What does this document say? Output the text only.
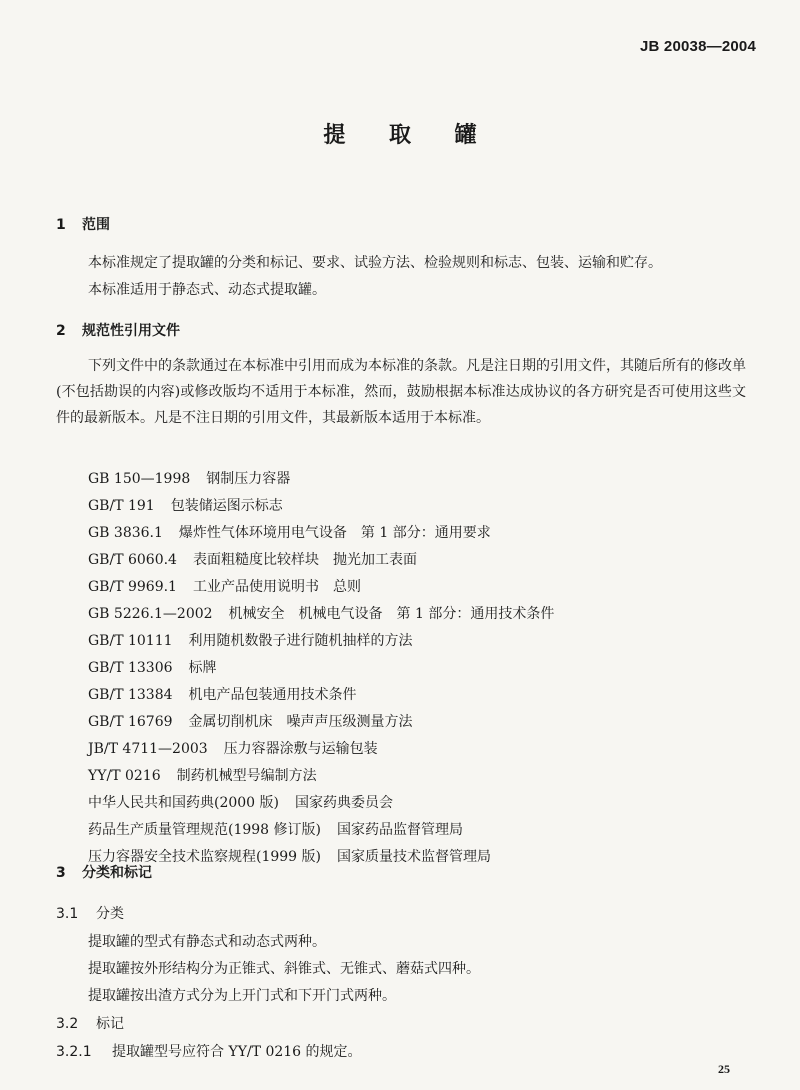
JB 20038—2004
提 取 罐
1 范围
本标准规定了提取罐的分类和标记、要求、试验方法、检验规则和标志、包装、运输和贮存。
本标准适用于静态式、动态式提取罐。
2 规范性引用文件
下列文件中的条款通过在本标准中引用而成为本标准的条款。凡是注日期的引用文件，其随后所有的修改单(不包括勘误的内容)或修改版均不适用于本标准，然而，鼓励根据本标准达成协议的各方研究是否可使用这些文件的最新版本。凡是不注日期的引用文件，其最新版本适用于本标准。
GB 150—1998 钢制压力容器
GB/T 191 包装储运图示标志
GB 3836.1 爆炸性气体环境用电气设备　第 1 部分：通用要求
GB/T 6060.4 表面粗糙度比较样块　抛光加工表面
GB/T 9969.1 工业产品使用说明书　总则
GB 5226.1—2002 机械安全　机械电气设备　第 1 部分：通用技术条件
GB/T 10111 利用随机数骰子进行随机抽样的方法
GB/T 13306 标牌
GB/T 13384 机电产品包装通用技术条件
GB/T 16769 金属切削机床　噪声声压级测量方法
JB/T 4711—2003 压力容器涂敷与运输包装
YY/T 0216 制药机械型号编制方法
中华人民共和国药典(2000 版) 国家药典委员会
药品生产质量管理规范(1998 修订版) 国家药品监督管理局
压力容器安全技术监察规程(1999 版) 国家质量技术监督管理局
3 分类和标记
3.1 分类
提取罐的型式有静态式和动态式两种。
提取罐按外形结构分为正锥式、斜锥式、无锥式、蘑菇式四种。
提取罐按出渣方式分为上开门式和下开门式两种。
3.2 标记
3.2.1 提取罐型号应符合 YY/T 0216 的规定。
25
